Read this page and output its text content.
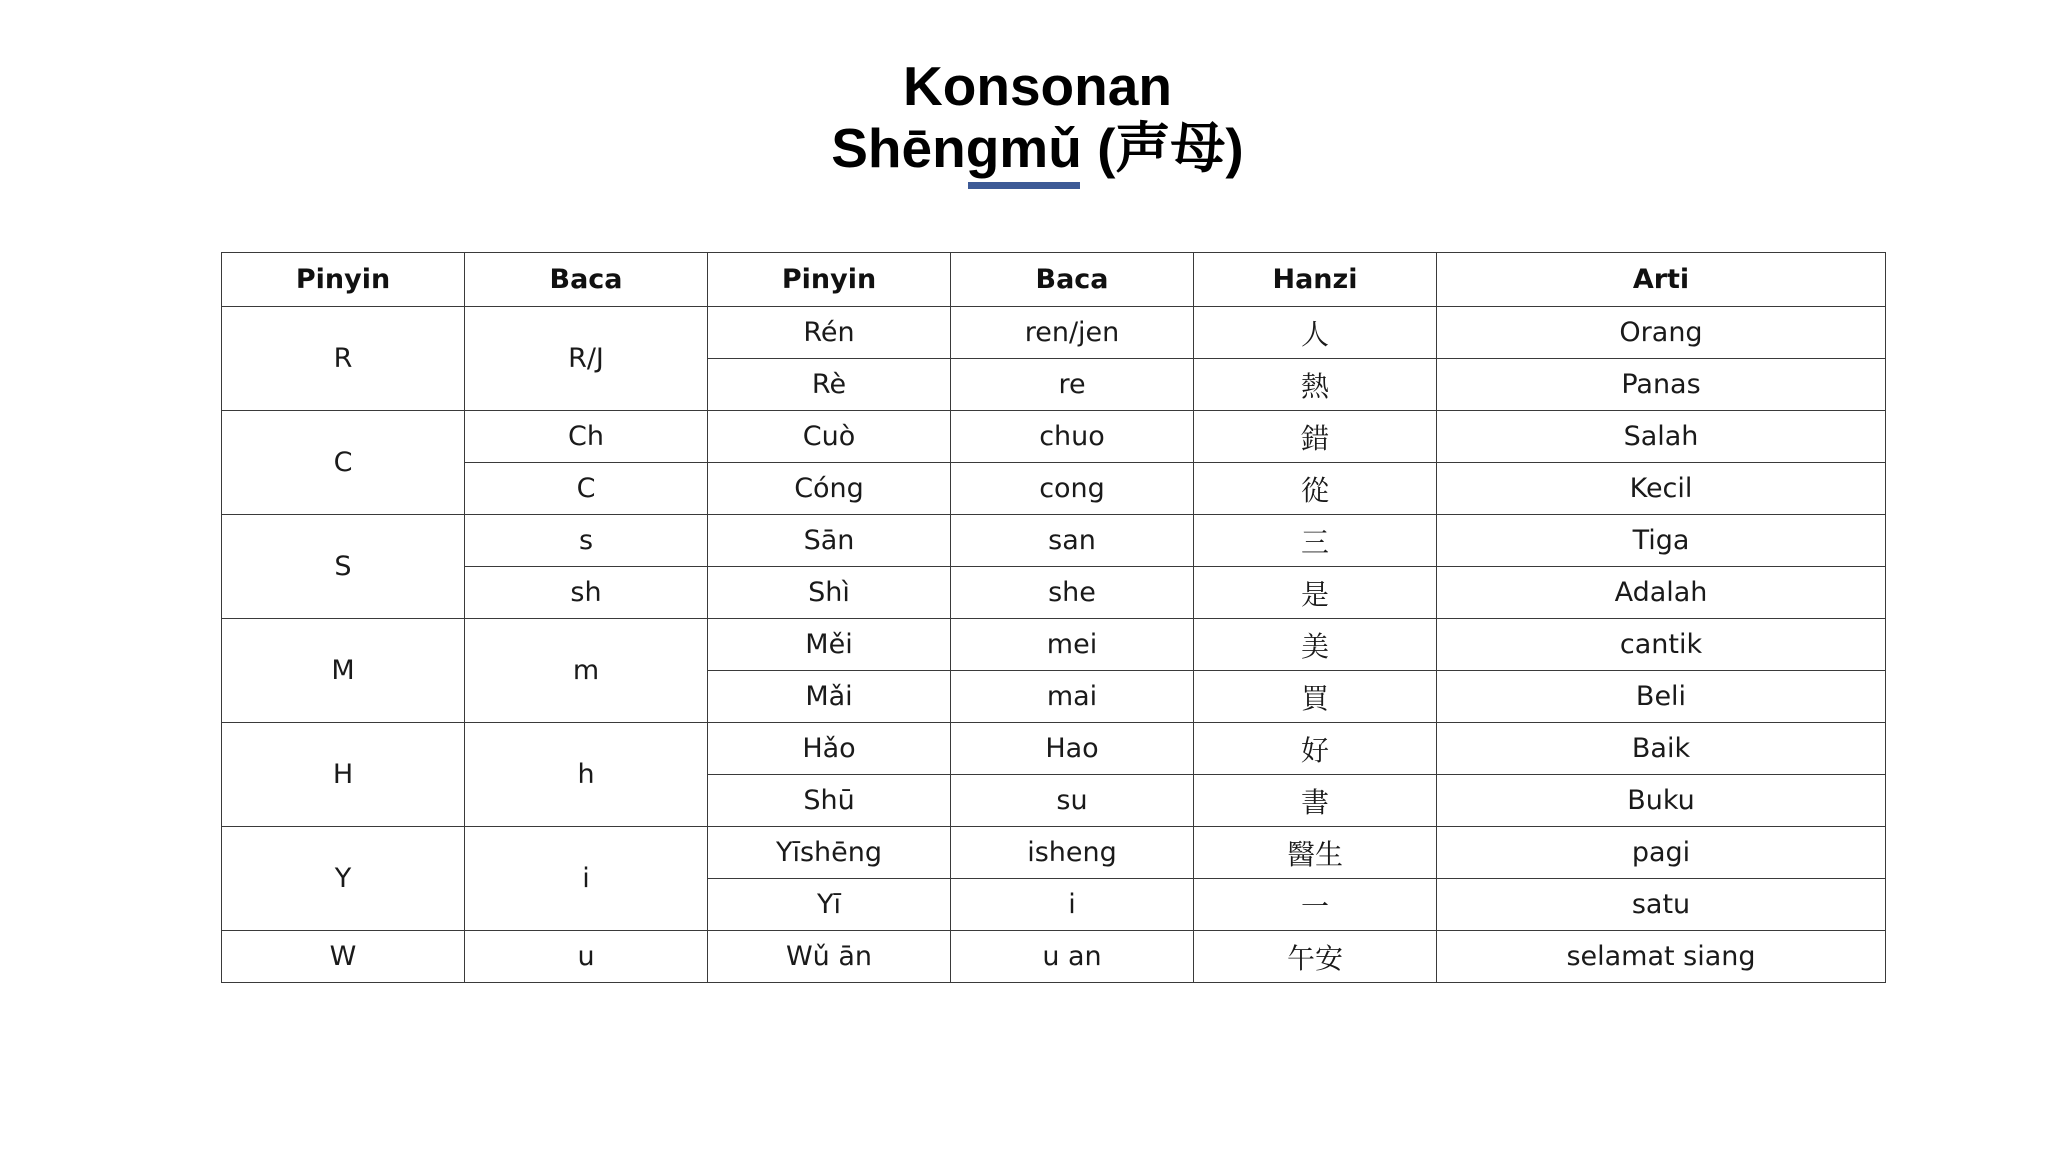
Konsonan

Shēngmǔ (声母)

Pinyin	Baca	Pinyin	Baca	Hanzi	Arti
R	R/J	Rén	ren/jen	人	Orang
		Rè	re	熱	Panas
C	Ch	Cuò	chuo	錯	Salah
	C	Cóng	cong	從	Kecil
S	s	Sān	san	三	Tiga
	sh	Shì	she	是	Adalah
M	m	Měi	mei	美	cantik
		Mǎi	mai	買	Beli
H	h	Hǎo	Hao	好	Baik
		Shū	su	書	Buku
Y	i	Yīshēng	isheng	醫生	pagi
		Yī	i	一	satu
W	u	Wǔ ān	u an	午安	selamat siang
